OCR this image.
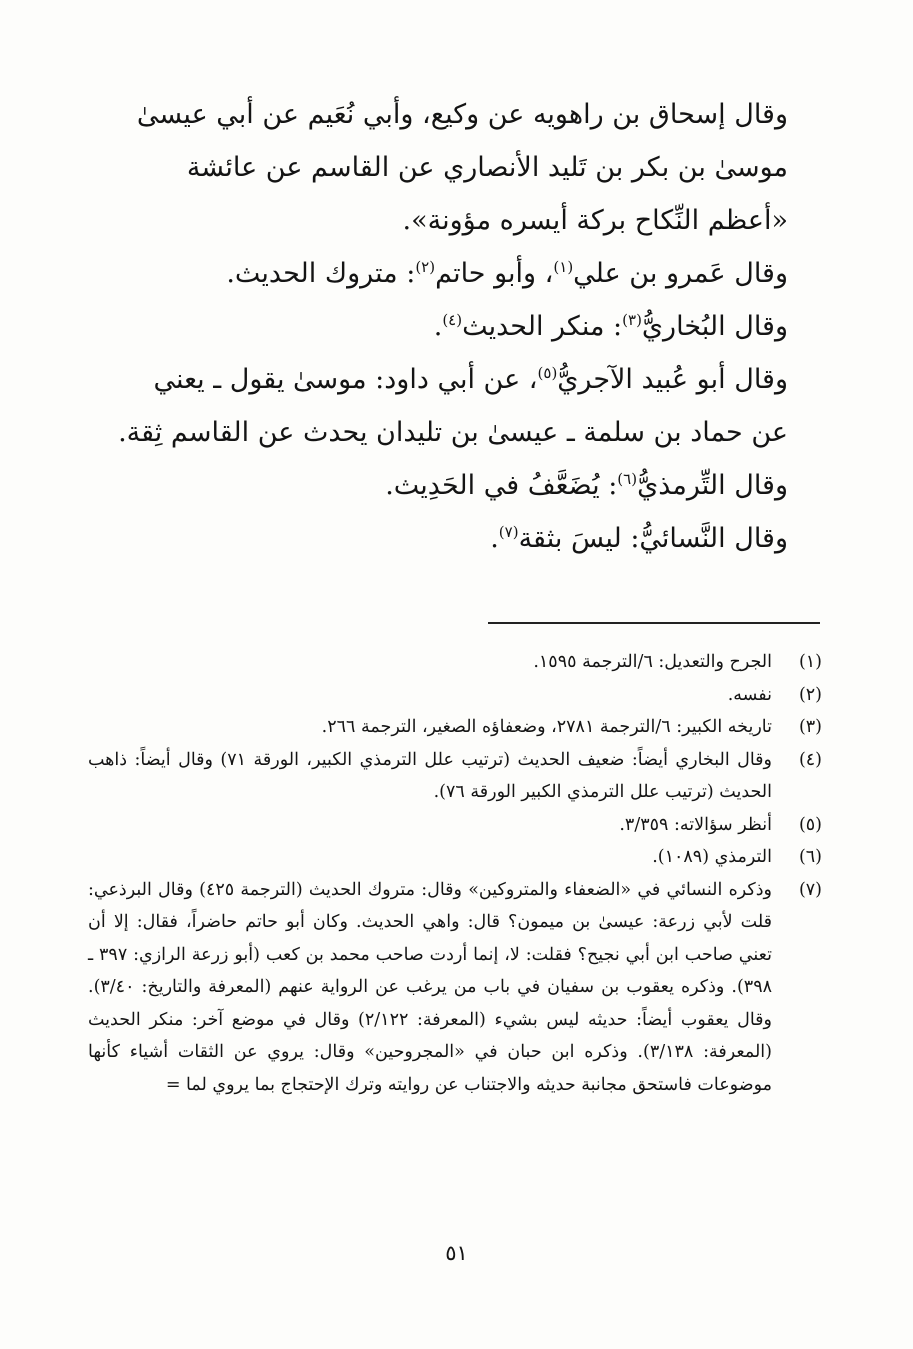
وقال إسحاق بن راهويه عن وكيع، وأبي نُعَيم عن أبي عيسىٰ موسىٰ بن بكر بن تَليد الأنصاري عن القاسم عن عائشة «أعظم النِّكاح بركة أيسره مؤونة».

وقال عَمرو بن علي$^{(١)}$، وأبو حاتم$^{(٢)}$: متروك الحديث.

وقال البُخاريُّ$^{(٣)}$: منكر الحديث$^{(٤)}$.

وقال أبو عُبيد الآجريُّ$^{(٥)}$، عن أبي داود: موسىٰ يقول ـ يعني عن حماد بن سلمة ـ عيسىٰ بن تليدان يحدث عن القاسم ثِقة.

وقال التِّرمذيُّ$^{(٦)}$: يُضَعَّفُ في الحَدِيث.

وقال النَّسائيُّ: ليسَ بثقة$^{(٧)}$.

(١)
الجرح والتعديل: ٦/الترجمة ١٥٩٥.
(٢)
نفسه.
(٣)
تاريخه الكبير: ٦/الترجمة ٢٧٨١، وضعفاؤه الصغير، الترجمة ٢٦٦.
(٤)
وقال البخاري أيضاً: ضعيف الحديث (ترتيب علل الترمذي الكبير، الورقة ٧١) وقال أيضاً: ذاهب الحديث (ترتيب علل الترمذي الكبير الورقة ٧٦).
(٥)
أنظر سؤالاته: ٣/٣٥٩.
(٦)
الترمذي (١٠٨٩).
(٧)
وذكره النسائي في «الضعفاء والمتروكين» وقال: متروك الحديث (الترجمة ٤٢٥) وقال البرذعي: قلت لأبي زرعة: عيسىٰ بن ميمون؟ قال: واهي الحديث. وكان أبو حاتم حاضراً، فقال: إلا أن تعني صاحب ابن أبي نجيح؟ فقلت: لا، إنما أردت صاحب محمد بن كعب (أبو زرعة الرازي: ٣٩٧ ـ ٣٩٨). وذكره يعقوب بن سفيان في باب من يرغب عن الرواية عنهم (المعرفة والتاريخ: ٣/٤٠). وقال يعقوب أيضاً: حديثه ليس بشيء (المعرفة: ٢/١٢٢) وقال في موضع آخر: منكر الحديث (المعرفة: ٣/١٣٨). وذكره ابن حبان في «المجروحين» وقال: يروي عن الثقات أشياء كأنها موضوعات فاستحق مجانبة حديثه والاجتناب عن روايته وترك الإحتجاج بما يروي لما =
٥١
